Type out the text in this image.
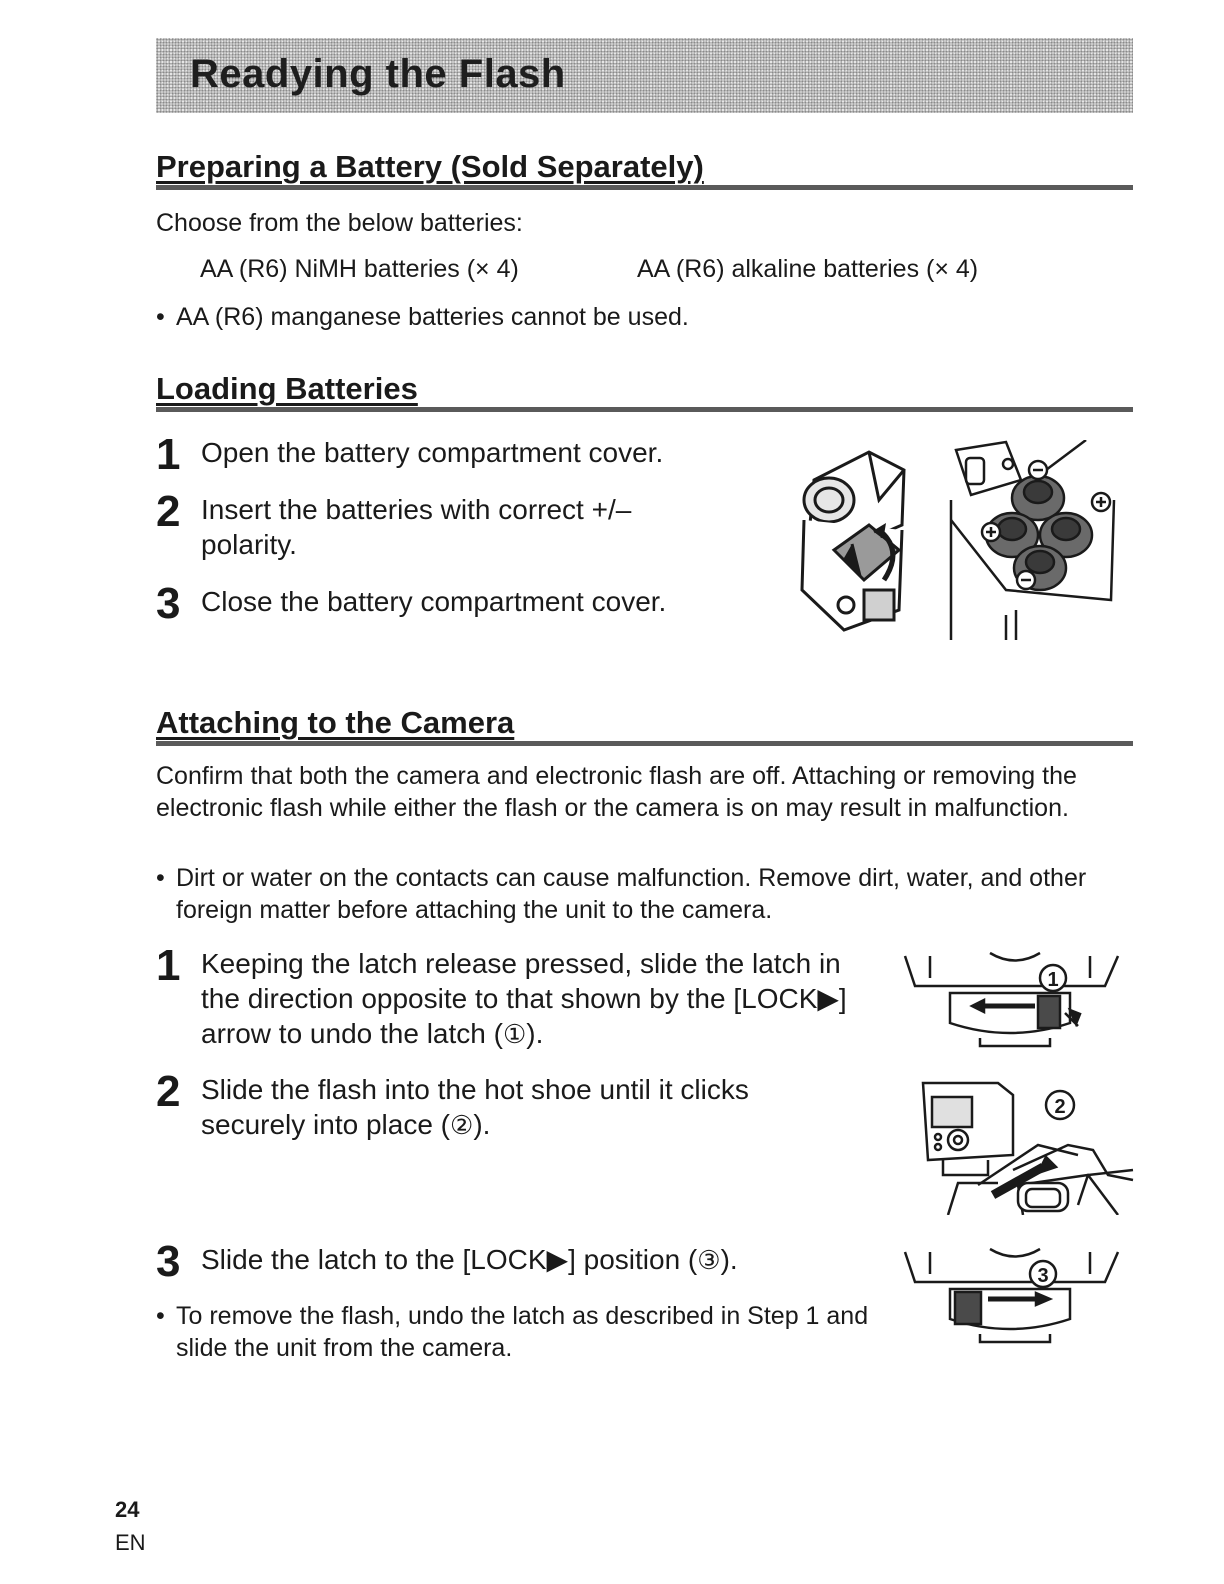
Readying the Flash
Preparing a Battery (Sold Separately)

Choose from the below batteries:

AA (R6) NiMH batteries (× 4)	AA (R6) alkaline batteries (× 4)

• AA (R6) manganese batteries cannot be used.

Loading Batteries
1 Open the battery compartment cover.
2 Insert the batteries with correct +/– polarity.
3 Close the battery compartment cover.
Attaching to the Camera

Confirm that both the camera and electronic flash are off. Attaching or removing the electronic flash while either the flash or the camera is on may result in malfunction.

• Dirt or water on the contacts can cause malfunction. Remove dirt, water, and other foreign matter before attaching the unit to the camera.

1 Keeping the latch release pressed, slide the latch in the direction opposite to that shown by the [LOCK▶] arrow to undo the latch (①).
2 Slide the flash into the hot shoe until it clicks securely into place (②).
3 Slide the latch to the [LOCK▶] position (③).

• To remove the flash, undo the latch as described in Step 1 and slide the unit from the camera.

1
2
3
24
EN
